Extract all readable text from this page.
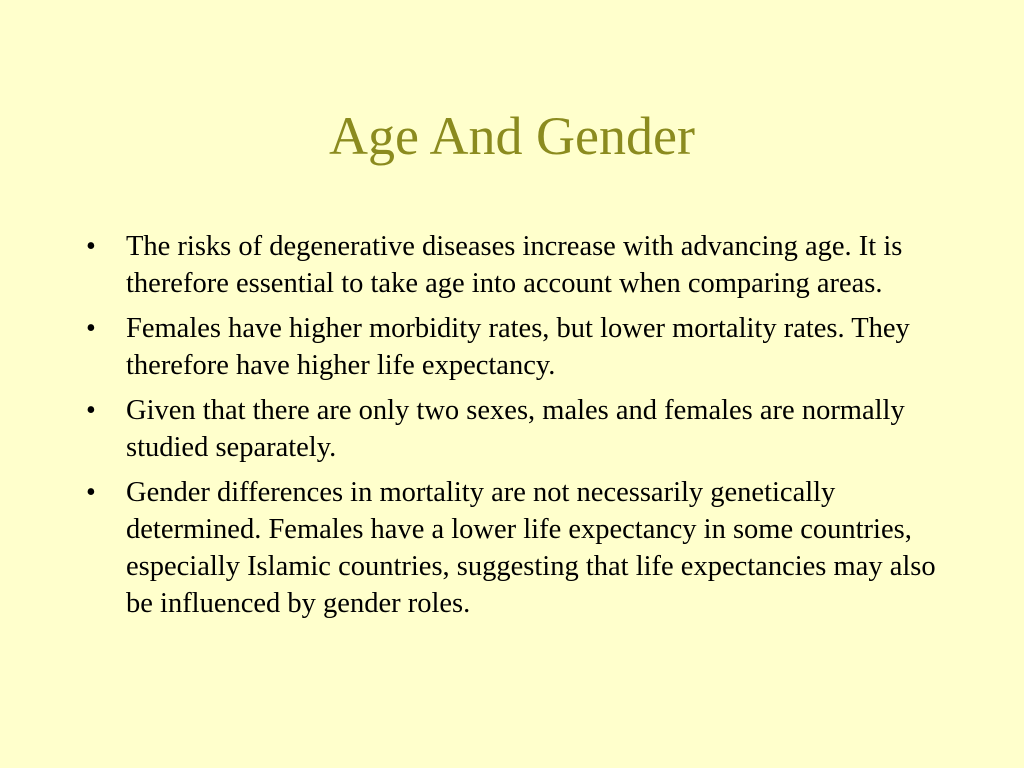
Age And Gender
•	The risks of degenerative diseases increase with advancing age. It is therefore essential to take age into account when comparing areas.
•	Females have higher morbidity rates, but lower mortality rates. They therefore have higher life expectancy.
•	Given that there are only two sexes, males and females are normally studied separately.
•	Gender differences in mortality are not necessarily genetically determined. Females have a lower life expectancy in some countries, especially Islamic countries, suggesting that life expectancies may also be influenced by gender roles.
